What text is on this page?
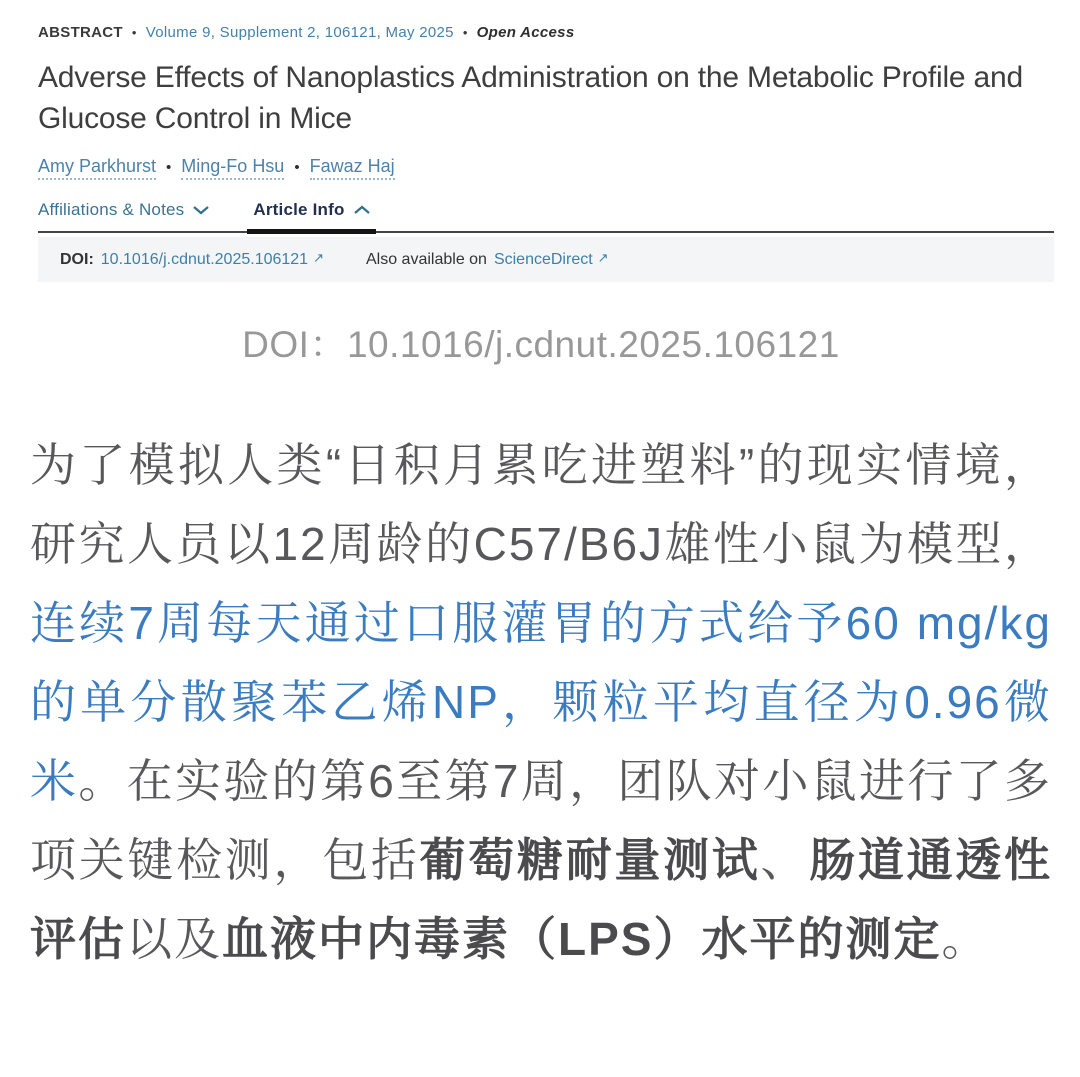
ABSTRACT • Volume 9, Supplement 2, 106121, May 2025 • Open Access
Adverse Effects of Nanoplastics Administration on the Metabolic Profile and Glucose Control in Mice
Amy Parkhurst • Ming-Fo Hsu • Fawaz Haj
Affiliations & Notes	Article Info
DOI: 10.1016/j.cdnut.2025.106121 ↗	Also available on ScienceDirect ↗
DOI：10.1016/j.cdnut.2025.106121

为了模拟人类“日积月累吃进塑料”的现实情境，研究人员以12周龄的C57/B6J雄性小鼠为模型，连续7周每天通过口服灌胃的方式给予60 mg/kg的单分散聚苯乙烯NP，颗粒平均直径为0.96微米。在实验的第6至第7周，团队对小鼠进行了多项关键检测，包括葡萄糖耐量测试、肠道通透性评估以及血液中内毒素（LPS）水平的测定。
